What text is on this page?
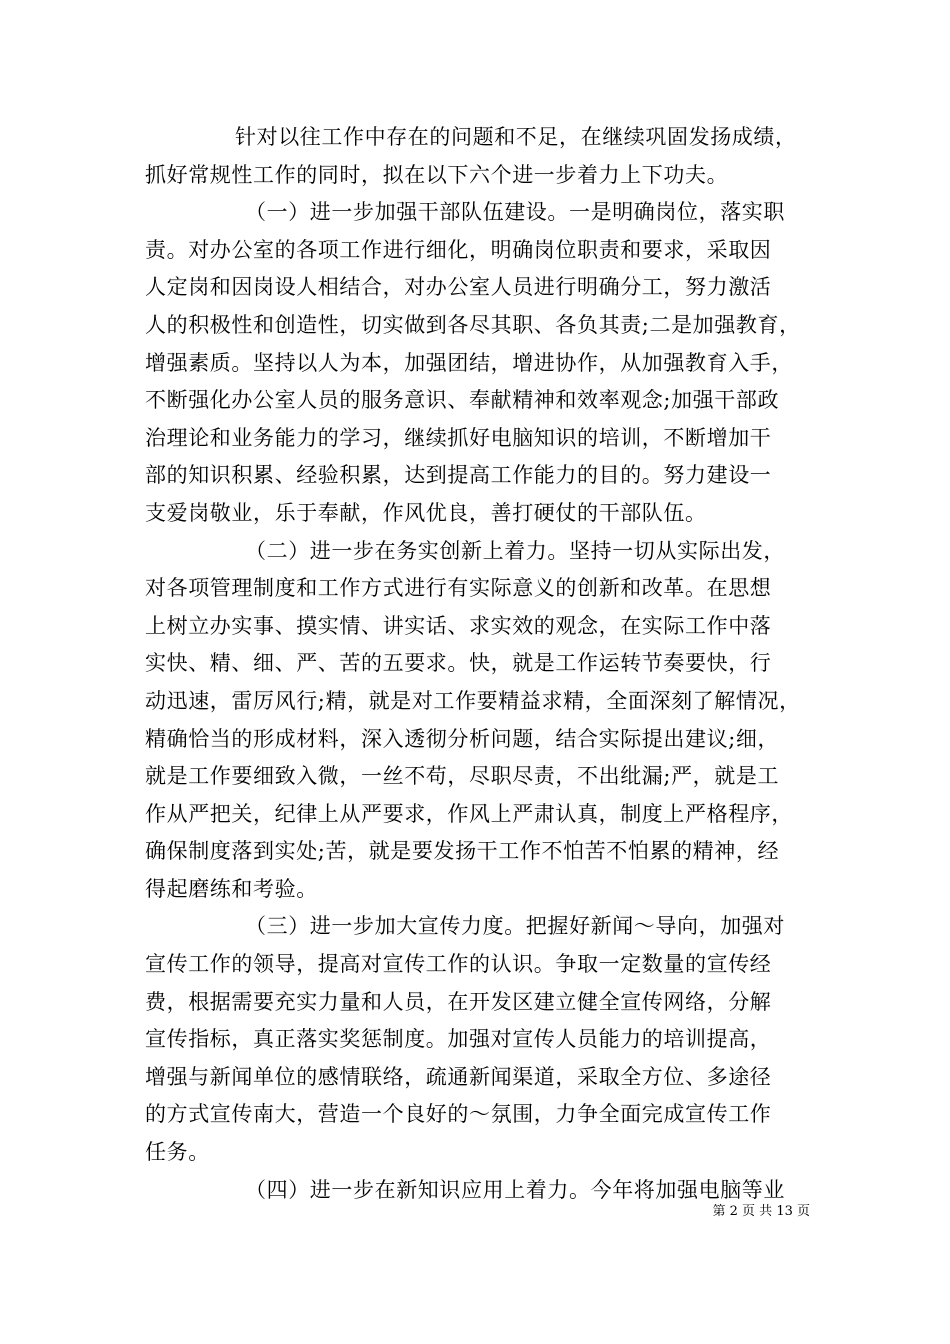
针对以往工作中存在的问题和不足，在继续巩固发扬成绩，
抓好常规性工作的同时，拟在以下六个进一步着力上下功夫。
（一）进一步加强干部队伍建设。一是明确岗位，落实职
责。对办公室的各项工作进行细化，明确岗位职责和要求，采取因
人定岗和因岗设人相结合，对办公室人员进行明确分工，努力激活
人的积极性和创造性，切实做到各尽其职、各负其责;二是加强教育，
增强素质。坚持以人为本，加强团结，增进协作，从加强教育入手，
不断强化办公室人员的服务意识、奉献精神和效率观念;加强干部政
治理论和业务能力的学习，继续抓好电脑知识的培训，不断增加干
部的知识积累、经验积累，达到提高工作能力的目的。努力建设一
支爱岗敬业，乐于奉献，作风优良，善打硬仗的干部队伍。
（二）进一步在务实创新上着力。坚持一切从实际出发，
对各项管理制度和工作方式进行有实际意义的创新和改革。在思想
上树立办实事、摸实情、讲实话、求实效的观念，在实际工作中落
实快、精、细、严、苦的五要求。快，就是工作运转节奏要快，行
动迅速，雷厉风行;精，就是对工作要精益求精，全面深刻了解情况，
精确恰当的形成材料，深入透彻分析问题，结合实际提出建议;细，
就是工作要细致入微，一丝不苟，尽职尽责，不出纰漏;严，就是工
作从严把关，纪律上从严要求，作风上严肃认真，制度上严格程序，
确保制度落到实处;苦，就是要发扬干工作不怕苦不怕累的精神，经
得起磨练和考验。
（三）进一步加大宣传力度。把握好新闻～导向，加强对
宣传工作的领导，提高对宣传工作的认识。争取一定数量的宣传经
费，根据需要充实力量和人员，在开发区建立健全宣传网络，分解
宣传指标，真正落实奖惩制度。加强对宣传人员能力的培训提高，
增强与新闻单位的感情联络，疏通新闻渠道，采取全方位、多途径
的方式宣传南大，营造一个良好的～氛围，力争全面完成宣传工作
任务。
（四）进一步在新知识应用上着力。今年将加强电脑等业
第 2 页 共 13 页
